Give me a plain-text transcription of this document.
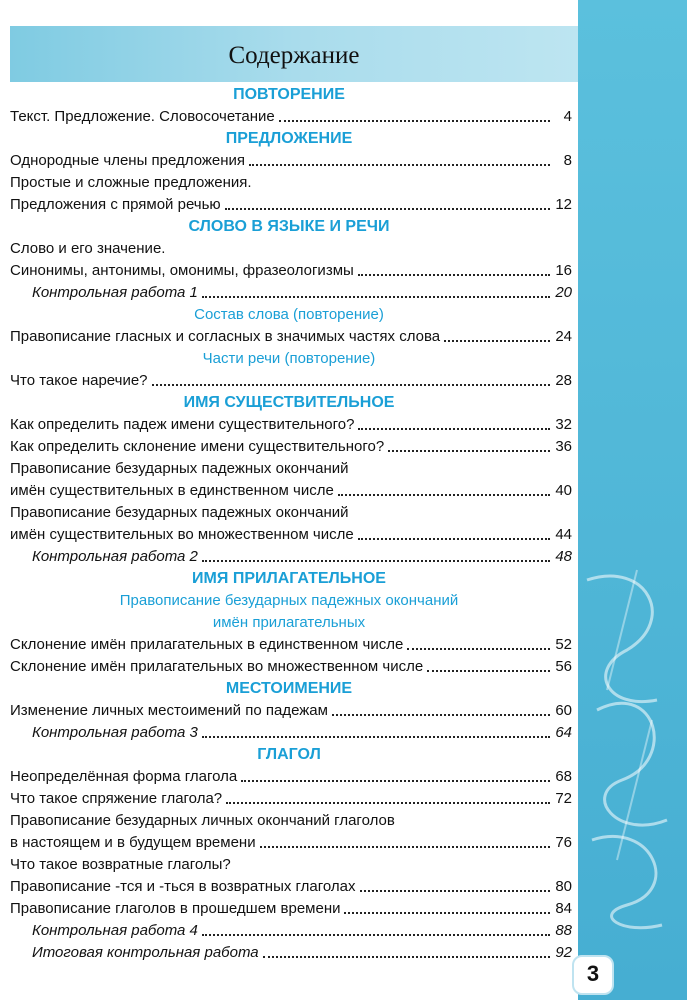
Содержание
ПОВТОРЕНИЕ
Текст. Предложение. Словосочетание	4
ПРЕДЛОЖЕНИЕ
Однородные члены предложения	8
Простые и сложные предложения.
Предложения с прямой речью	12
СЛОВО В ЯЗЫКЕ И РЕЧИ
Слово и его значение.
Синонимы, антонимы, омонимы, фразеологизмы	16
Контрольная работа 1	20
Состав слова (повторение)
Правописание гласных и согласных в значимых частях слова	24
Части речи (повторение)
Что такое наречие?	28
ИМЯ СУЩЕСТВИТЕЛЬНОЕ
Как определить падеж имени существительного?	32
Как определить склонение имени существительного?	36
Правописание безударных падежных окончаний
имён существительных в единственном числе	40
Правописание безударных падежных окончаний
имён существительных во множественном числе	44
Контрольная работа 2	48
ИМЯ ПРИЛАГАТЕЛЬНОЕ
Правописание безударных падежных окончаний
имён прилагательных
Склонение имён прилагательных в единственном числе	52
Склонение имён прилагательных во множественном числе	56
МЕСТОИМЕНИЕ
Изменение личных местоимений по падежам	60
Контрольная работа 3	64
ГЛАГОЛ
Неопределённая форма глагола	68
Что такое спряжение глагола?	72
Правописание безударных личных окончаний глаголов
в настоящем и в будущем времени	76
Что такое возвратные глаголы?
Правописание -тся и -ться в возвратных глаголах	80
Правописание глаголов в прошедшем времени	84
Контрольная работа 4	88
Итоговая контрольная работа	92
3
